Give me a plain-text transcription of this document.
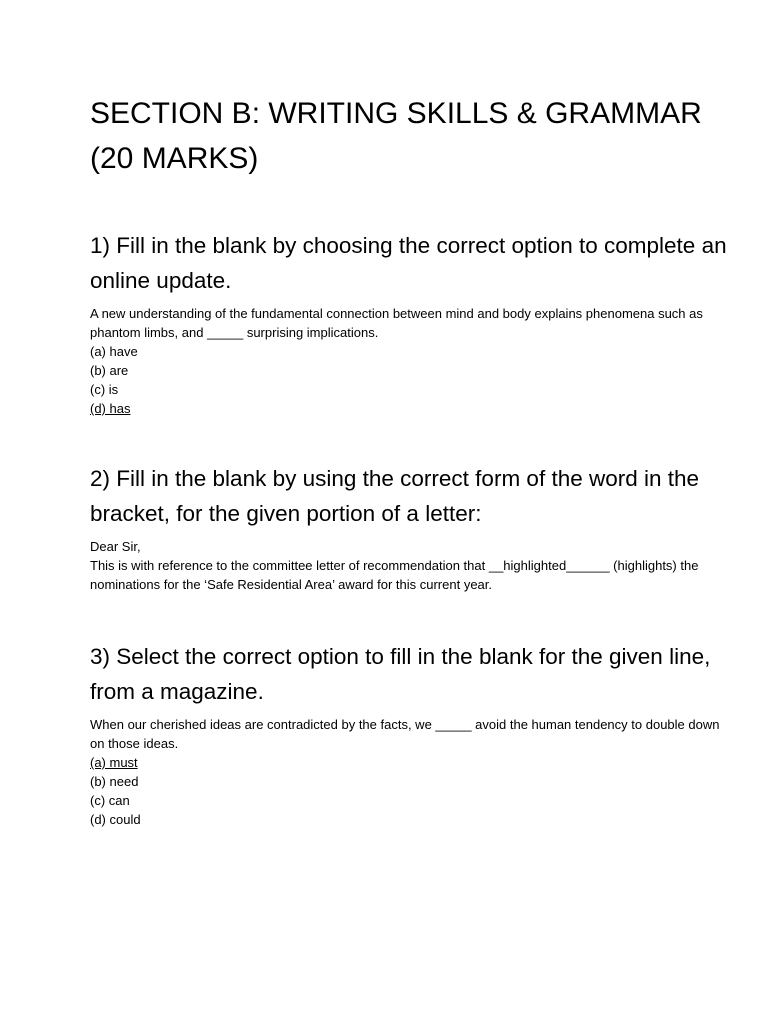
SECTION B: WRITING SKILLS & GRAMMAR (20 MARKS)
1) Fill in the blank by choosing the correct option to complete an online update.

A new understanding of the fundamental connection between mind and body explains phenomena such as phantom limbs, and _____ surprising implications.

(a) have
(b) are
(c) is
(d) has
2) Fill in the blank by using the correct form of the word in the bracket, for the given portion of a letter:

Dear Sir,

This is with reference to the committee letter of recommendation that __highlighted______ (highlights) the nominations for the ‘Safe Residential Area’ award for this current year.

3) Select the correct option to fill in the blank for the given line, from a magazine.

When our cherished ideas are contradicted by the facts, we _____ avoid the human tendency to double down on those ideas.

(a) must
(b) need
(c) can
(d) could
